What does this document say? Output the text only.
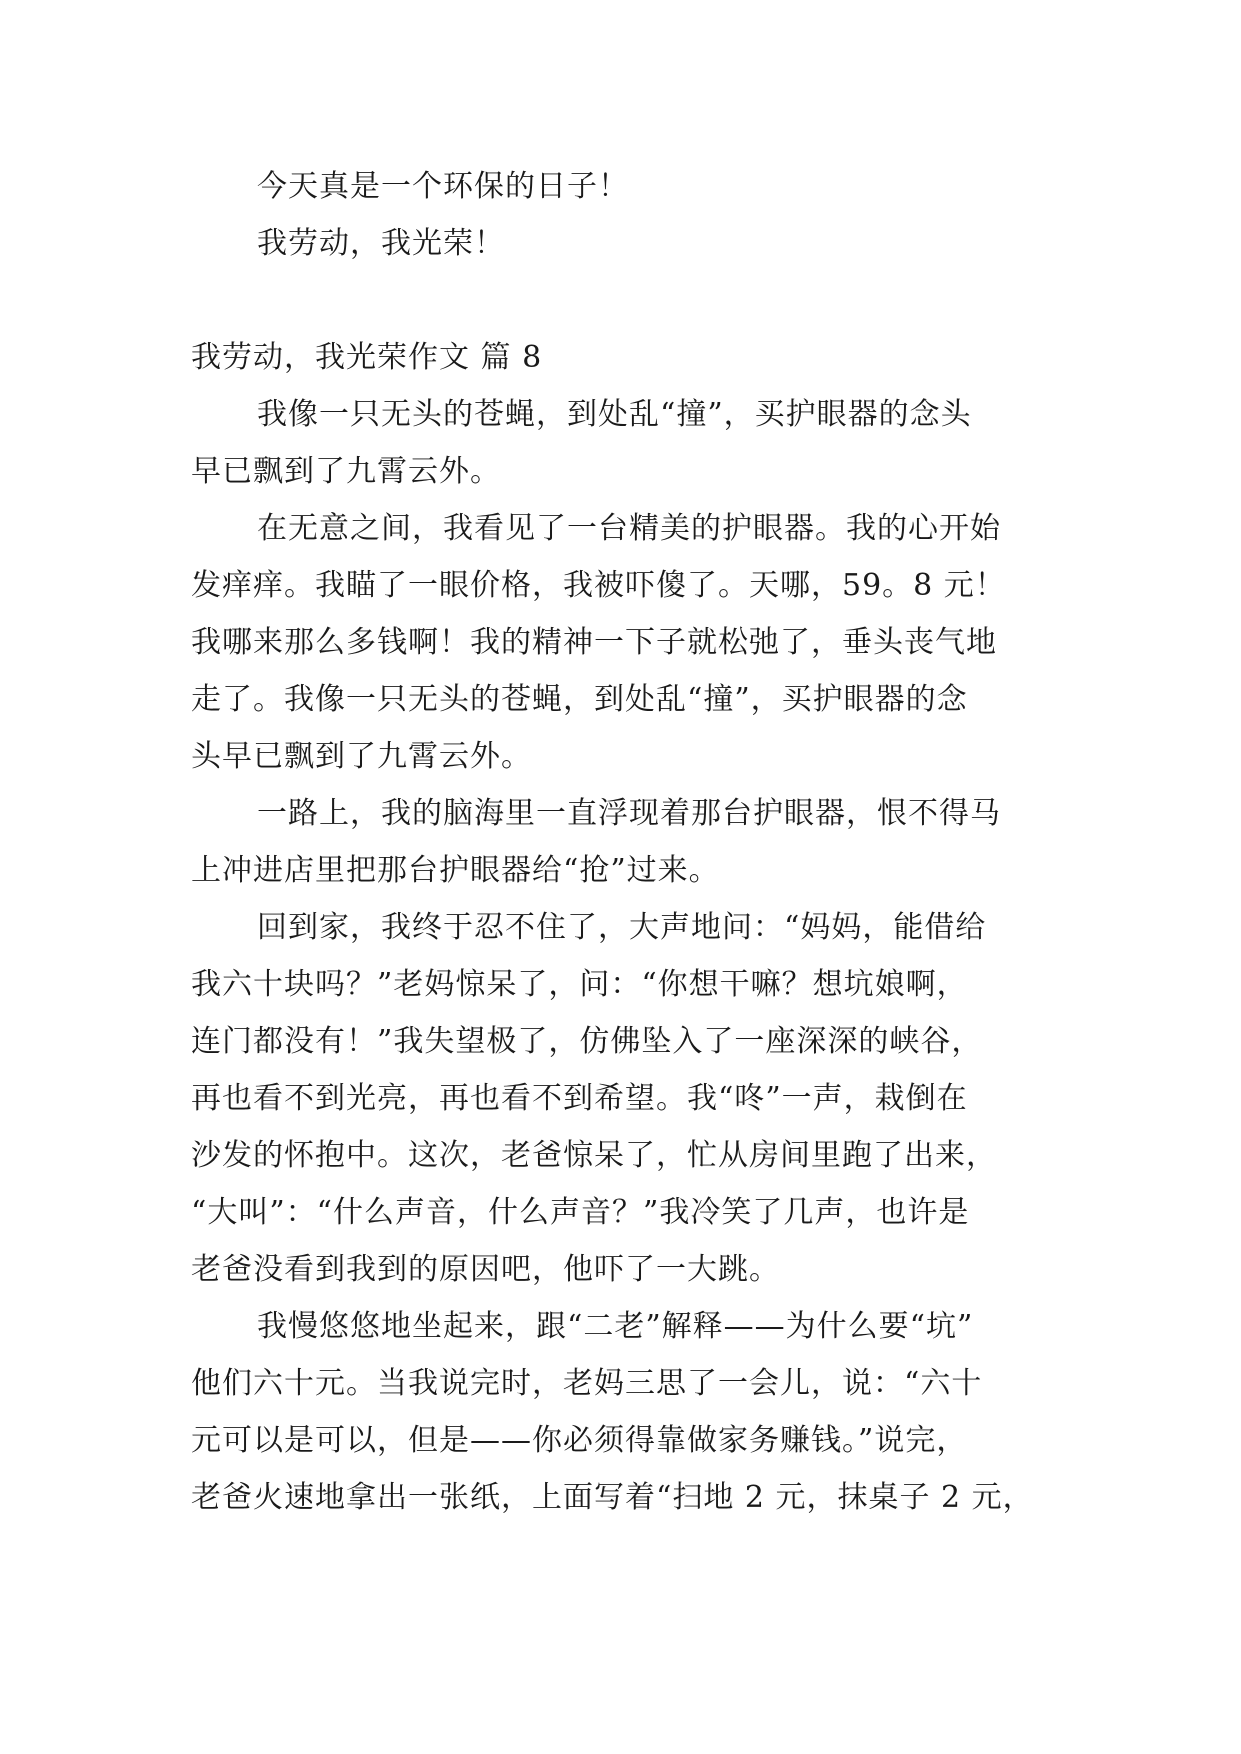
今天真是一个环保的日子！
我劳动，我光荣！
我劳动，我光荣作文 篇 8
我像一只无头的苍蝇，到处乱“撞”，买护眼器的念头
早已飘到了九霄云外。
在无意之间，我看见了一台精美的护眼器。我的心开始
发痒痒。我瞄了一眼价格，我被吓傻了。天哪，59。8 元！
我哪来那么多钱啊！我的精神一下子就松弛了，垂头丧气地
走了。我像一只无头的苍蝇，到处乱“撞”，买护眼器的念
头早已飘到了九霄云外。
一路上，我的脑海里一直浮现着那台护眼器，恨不得马
上冲进店里把那台护眼器给“抢”过来。
回到家，我终于忍不住了，大声地问：“妈妈，能借给
我六十块吗？”老妈惊呆了，问：“你想干嘛？想坑娘啊，
连门都没有！”我失望极了，仿佛坠入了一座深深的峡谷，
再也看不到光亮，再也看不到希望。我“咚”一声，栽倒在
沙发的怀抱中。这次，老爸惊呆了，忙从房间里跑了出来，
“大叫”：“什么声音，什么声音？”我冷笑了几声，也许是
老爸没看到我到的原因吧，他吓了一大跳。
我慢悠悠地坐起来，跟“二老”解释——为什么要“坑”
他们六十元。当我说完时，老妈三思了一会儿，说：“六十
元可以是可以，但是——你必须得靠做家务赚钱。”说完，
老爸火速地拿出一张纸，上面写着“扫地 2 元，抹桌子 2 元，
